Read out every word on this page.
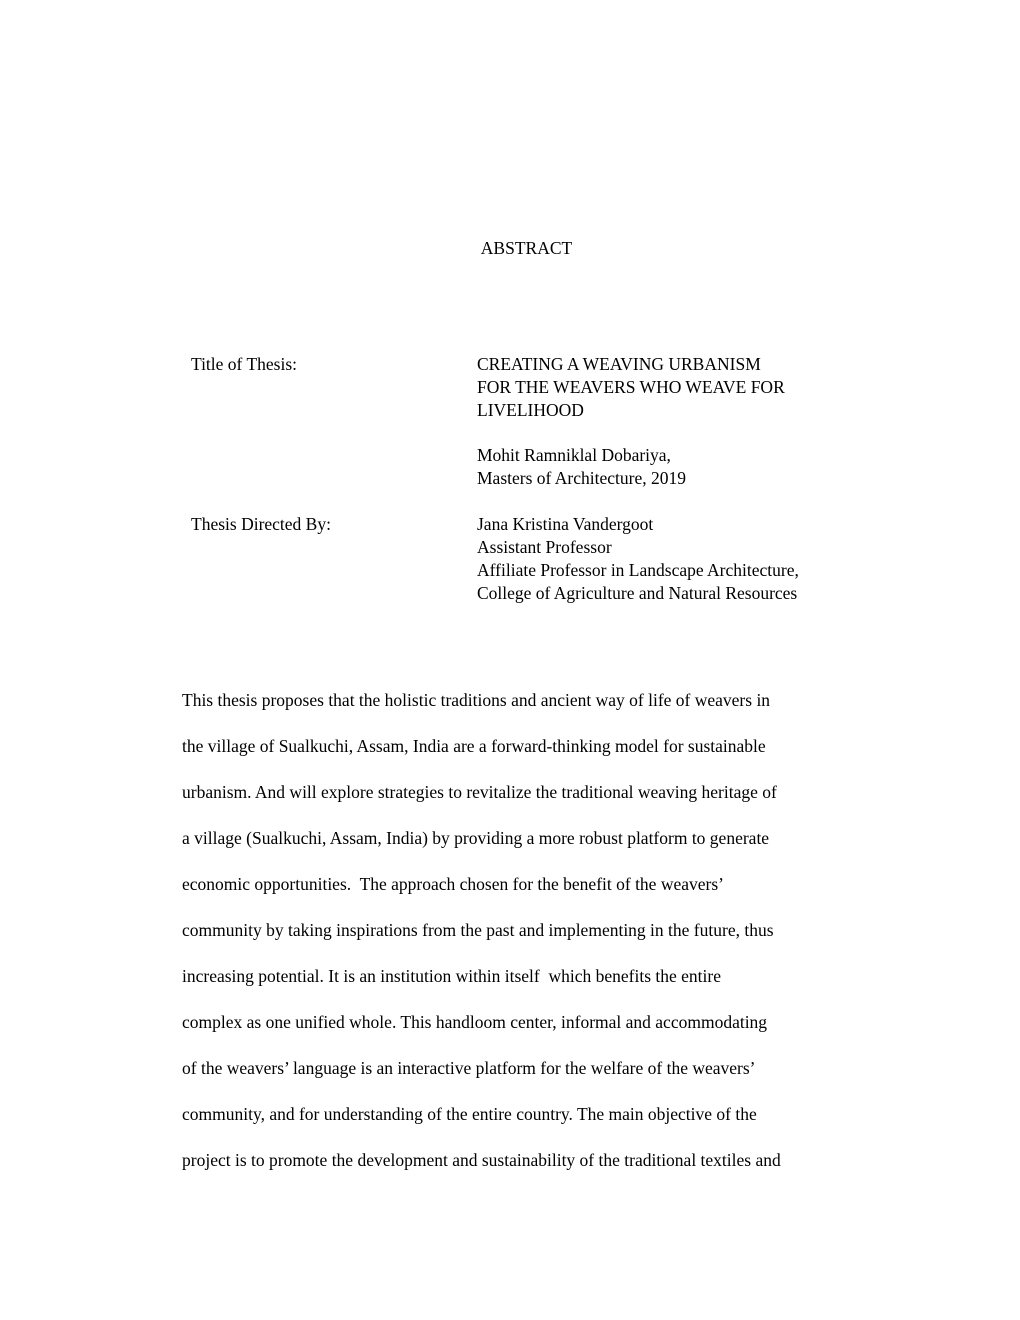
ABSTRACT
Title of Thesis:	CREATING A WEAVING URBANISM
FOR THE WEAVERS WHO WEAVE FOR
LIVELIHOOD
Mohit Ramniklal Dobariya,
Masters of Architecture, 2019
Thesis Directed By:	Jana Kristina Vandergoot
Assistant Professor
Affiliate Professor in Landscape Architecture,
College of Agriculture and Natural Resources
This thesis proposes that the holistic traditions and ancient way of life of weavers in
the village of Sualkuchi, Assam, India are a forward-thinking model for sustainable
urbanism. And will explore strategies to revitalize the traditional weaving heritage of
a village (Sualkuchi, Assam, India) by providing a more robust platform to generate
economic opportunities.  The approach chosen for the benefit of the weavers’
community by taking inspirations from the past and implementing in the future, thus
increasing potential. It is an institution within itself  which benefits the entire
complex as one unified whole. This handloom center, informal and accommodating
of the weavers’ language is an interactive platform for the welfare of the weavers’
community, and for understanding of the entire country. The main objective of the
project is to promote the development and sustainability of the traditional textiles and
